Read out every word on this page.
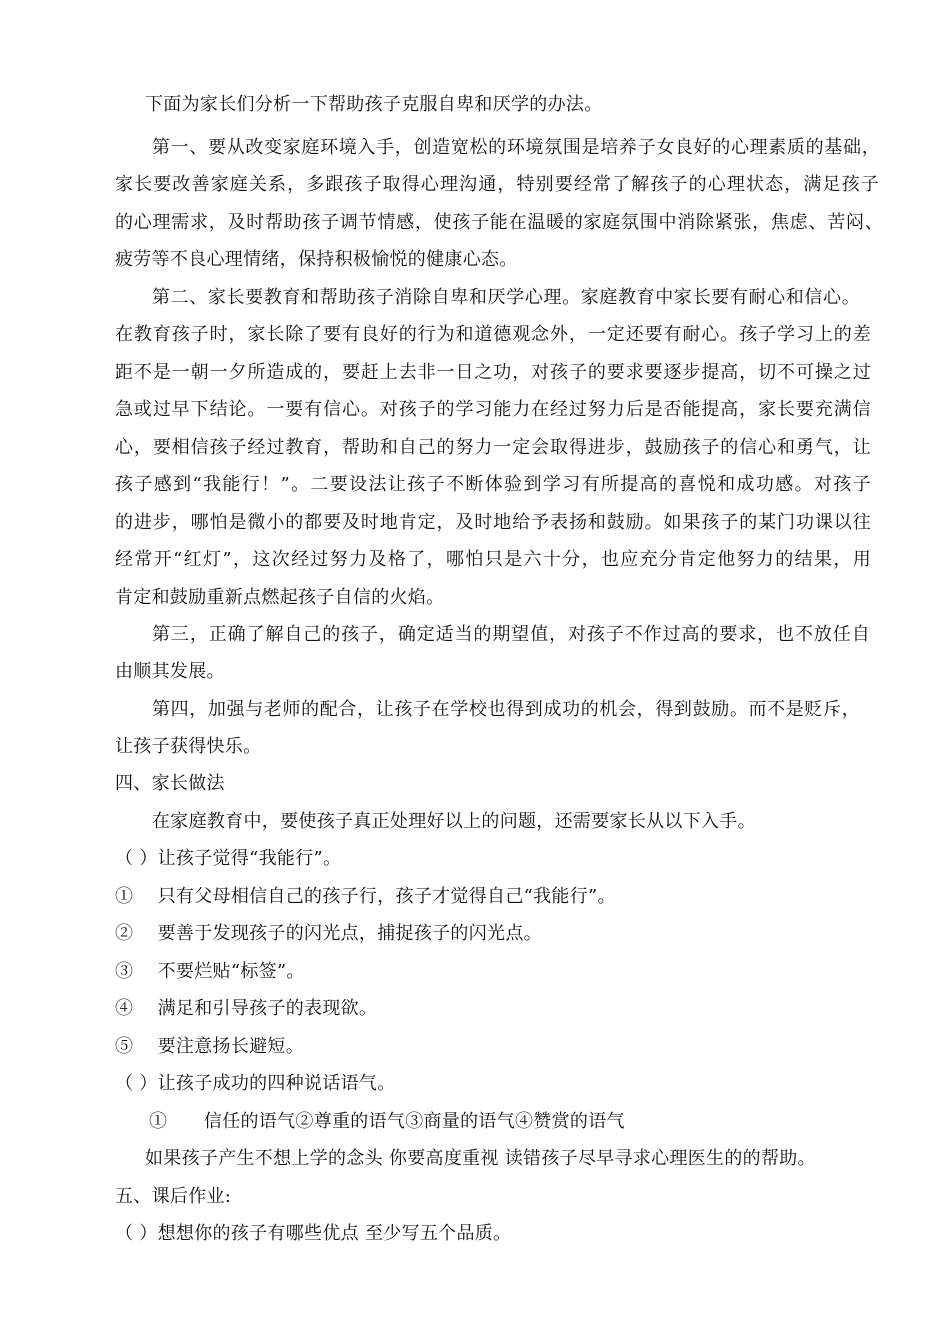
下面为家长们分析一下帮助孩子克服自卑和厌学的办法。
第一、要从改变家庭环境入手，创造宽松的环境氛围是培养子女良好的心理素质的基础，
家长要改善家庭关系，多跟孩子取得心理沟通，特别要经常了解孩子的心理状态，满足孩子
的心理需求，及时帮助孩子调节情感，使孩子能在温暖的家庭氛围中消除紧张，焦虑、苦闷、
疲劳等不良心理情绪，保持积极愉悦的健康心态。
第二、家长要教育和帮助孩子消除自卑和厌学心理。家庭教育中家长要有耐心和信心。
在教育孩子时，家长除了要有良好的行为和道德观念外，一定还要有耐心。孩子学习上的差
距不是一朝一夕所造成的，要赶上去非一日之功，对孩子的要求要逐步提高，切不可操之过
急或过早下结论。一要有信心。对孩子的学习能力在经过努力后是否能提高，家长要充满信
心，要相信孩子经过教育，帮助和自己的努力一定会取得进步，鼓励孩子的信心和勇气，让
孩子感到“我能行！”。二要设法让孩子不断体验到学习有所提高的喜悦和成功感。对孩子
的进步，哪怕是微小的都要及时地肯定，及时地给予表扬和鼓励。如果孩子的某门功课以往
经常开“红灯”，这次经过努力及格了，哪怕只是六十分，也应充分肯定他努力的结果，用
肯定和鼓励重新点燃起孩子自信的火焰。
第三，正确了解自己的孩子，确定适当的期望值，对孩子不作过高的要求，也不放任自
由顺其发展。
第四，加强与老师的配合，让孩子在学校也得到成功的机会，得到鼓励。而不是贬斥，
让孩子获得快乐。
四、家长做法
在家庭教育中，要使孩子真正处理好以上的问题，还需要家长从以下入手。
（ ）让孩子觉得“我能行”。
①　 只有父母相信自己的孩子行，孩子才觉得自己“我能行”。
②　 要善于发现孩子的闪光点，捕捉孩子的闪光点。
③　 不要烂贴“标签”。
④　 满足和引导孩子的表现欲。
⑤　 要注意扬长避短。
（ ）让孩子成功的四种说话语气。
①　　信任的语气②尊重的语气③商量的语气④赞赏的语气
如果孩子产生不想上学的念头 你要高度重视 读错孩子尽早寻求心理医生的的帮助。
五、课后作业:
（ ）想想你的孩子有哪些优点 至少写五个品质。
